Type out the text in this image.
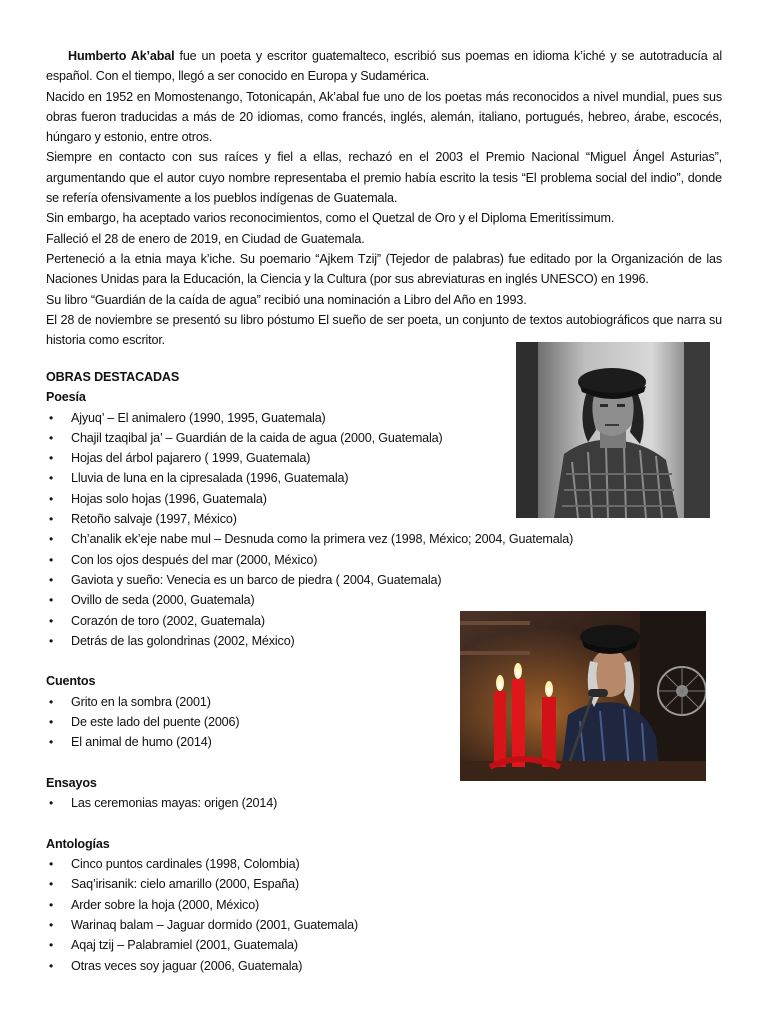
Humberto Ak’abal fue un poeta y escritor guatemalteco, escribió sus poemas en idioma k’iché y se autotraducía al español. Con el tiempo, llegó a ser conocido en Europa y Sudamérica.

Nacido en 1952 en Momostenango, Totonicapán, Ak’abal fue uno de los poetas más reconocidos a nivel mundial, pues sus obras fueron traducidas a más de 20 idiomas, como francés, inglés, alemán, italiano, portugués, hebreo, árabe, escocés, húngaro y estonio, entre otros.

Siempre en contacto con sus raíces y fiel a ellas, rechazó en el 2003 el Premio Nacional “Miguel Ángel Asturias”, argumentando que el autor cuyo nombre representaba el premio había escrito la tesis “El problema social del indio”, donde se refería ofensivamente a los pueblos indígenas de Guatemala.

Sin embargo, ha aceptado varios reconocimientos, como el Quetzal de Oro y el Diploma Emeritíssimum.

Falleció el 28 de enero de 2019, en Ciudad de Guatemala.

Perteneció a la etnia maya k’iche. Su poemario “Ajkem Tzij” (Tejedor de palabras) fue editado por la Organización de las Naciones Unidas para la Educación, la Ciencia y la Cultura (por sus abreviaturas en inglés UNESCO) en 1996.

Su libro “Guardián de la caída de agua” recibió una nominación a Libro del Año en 1993.

El 28 de noviembre se presentó su libro póstumo El sueño de ser poeta, un conjunto de textos autobiográficos que narra su historia como escritor.

OBRAS DESTACADAS

Poesía

• Ajyuq’ – El animalero (1990, 1995, Guatemala)
• Chajil tzaqibal ja’ – Guardián de la caida de agua (2000, Guatemala)
• Hojas del árbol pajarero ( 1999, Guatemala)
• Lluvia de luna en la cipresalada (1996, Guatemala)
• Hojas solo hojas (1996, Guatemala)
• Retoño salvaje (1997, México)
• Ch’analik ek’eje nabe mul – Desnuda como la primera vez (1998, México; 2004, Guatemala)
• Con los ojos después del mar (2000, México)
• Gaviota y sueño: Venecia es un barco de piedra ( 2004, Guatemala)
• Ovillo de seda (2000, Guatemala)
• Corazón de toro (2002, Guatemala)
• Detrás de las golondrinas (2002, México)

Cuentos

• Grito en la sombra (2001)
• De este lado del puente (2006)
• El animal de humo (2014)

Ensayos

• Las ceremonias mayas: origen (2014)

Antologías

• Cinco puntos cardinales (1998, Colombia)
• Saq’irisanik: cielo amarillo (2000, España)
• Arder sobre la hoja (2000, México)
• Warinaq balam – Jaguar dormido (2001, Guatemala)
• Aqaj tzij – Palabramiel (2001, Guatemala)
• Otras veces soy jaguar (2006, Guatemala)
